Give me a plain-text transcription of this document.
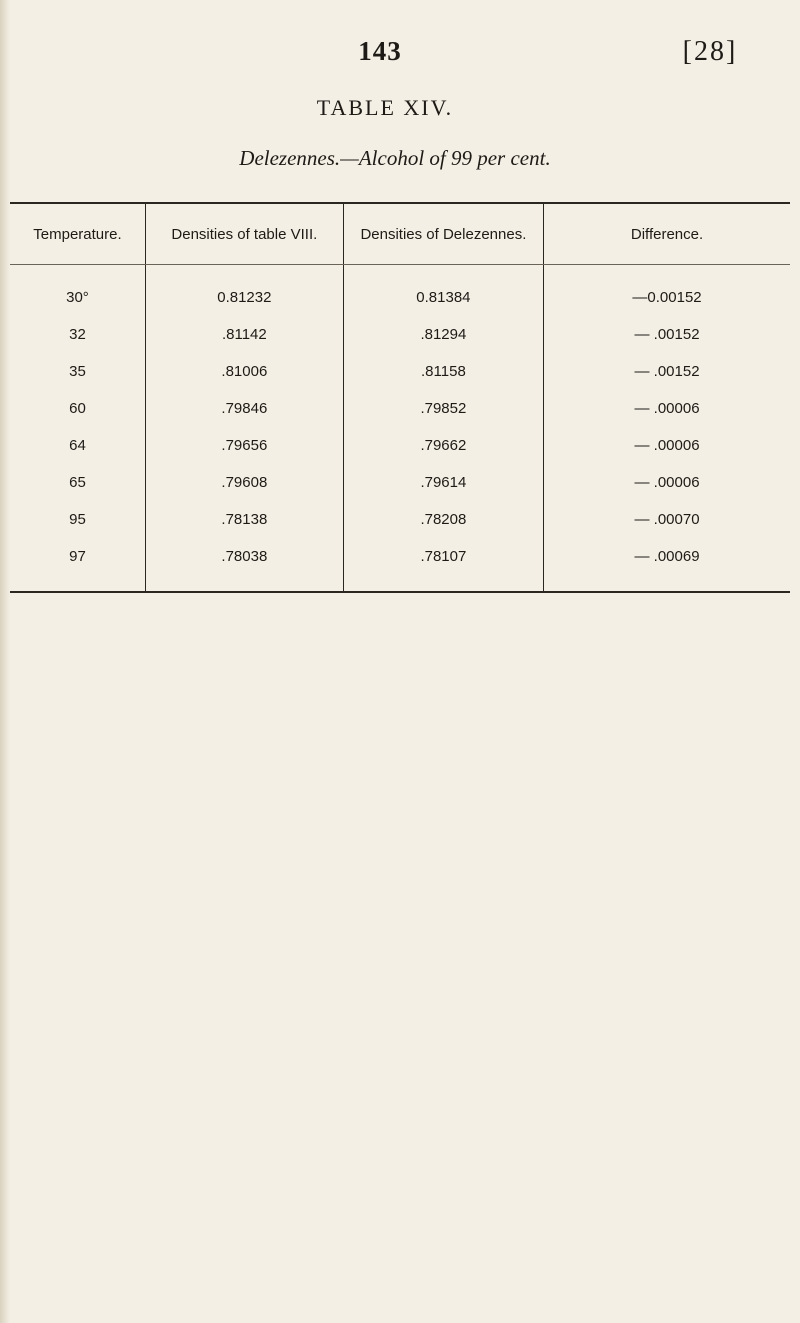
143	[28]
TABLE XIV.
Delezennes.—Alcohol of 99 per cent.
Temperature.	Densities of table VIII.	Densities of Delezennes.	Difference.
30°	0.81232	0.81384	—0.00152
32	.81142	.81294	— .00152
35	.81006	.81158	— .00152
60	.79846	.79852	— .00006
64	.79656	.79662	— .00006
65	.79608	.79614	— .00006
95	.78138	.78208	— .00070
97	.78038	.78107	— .00069
